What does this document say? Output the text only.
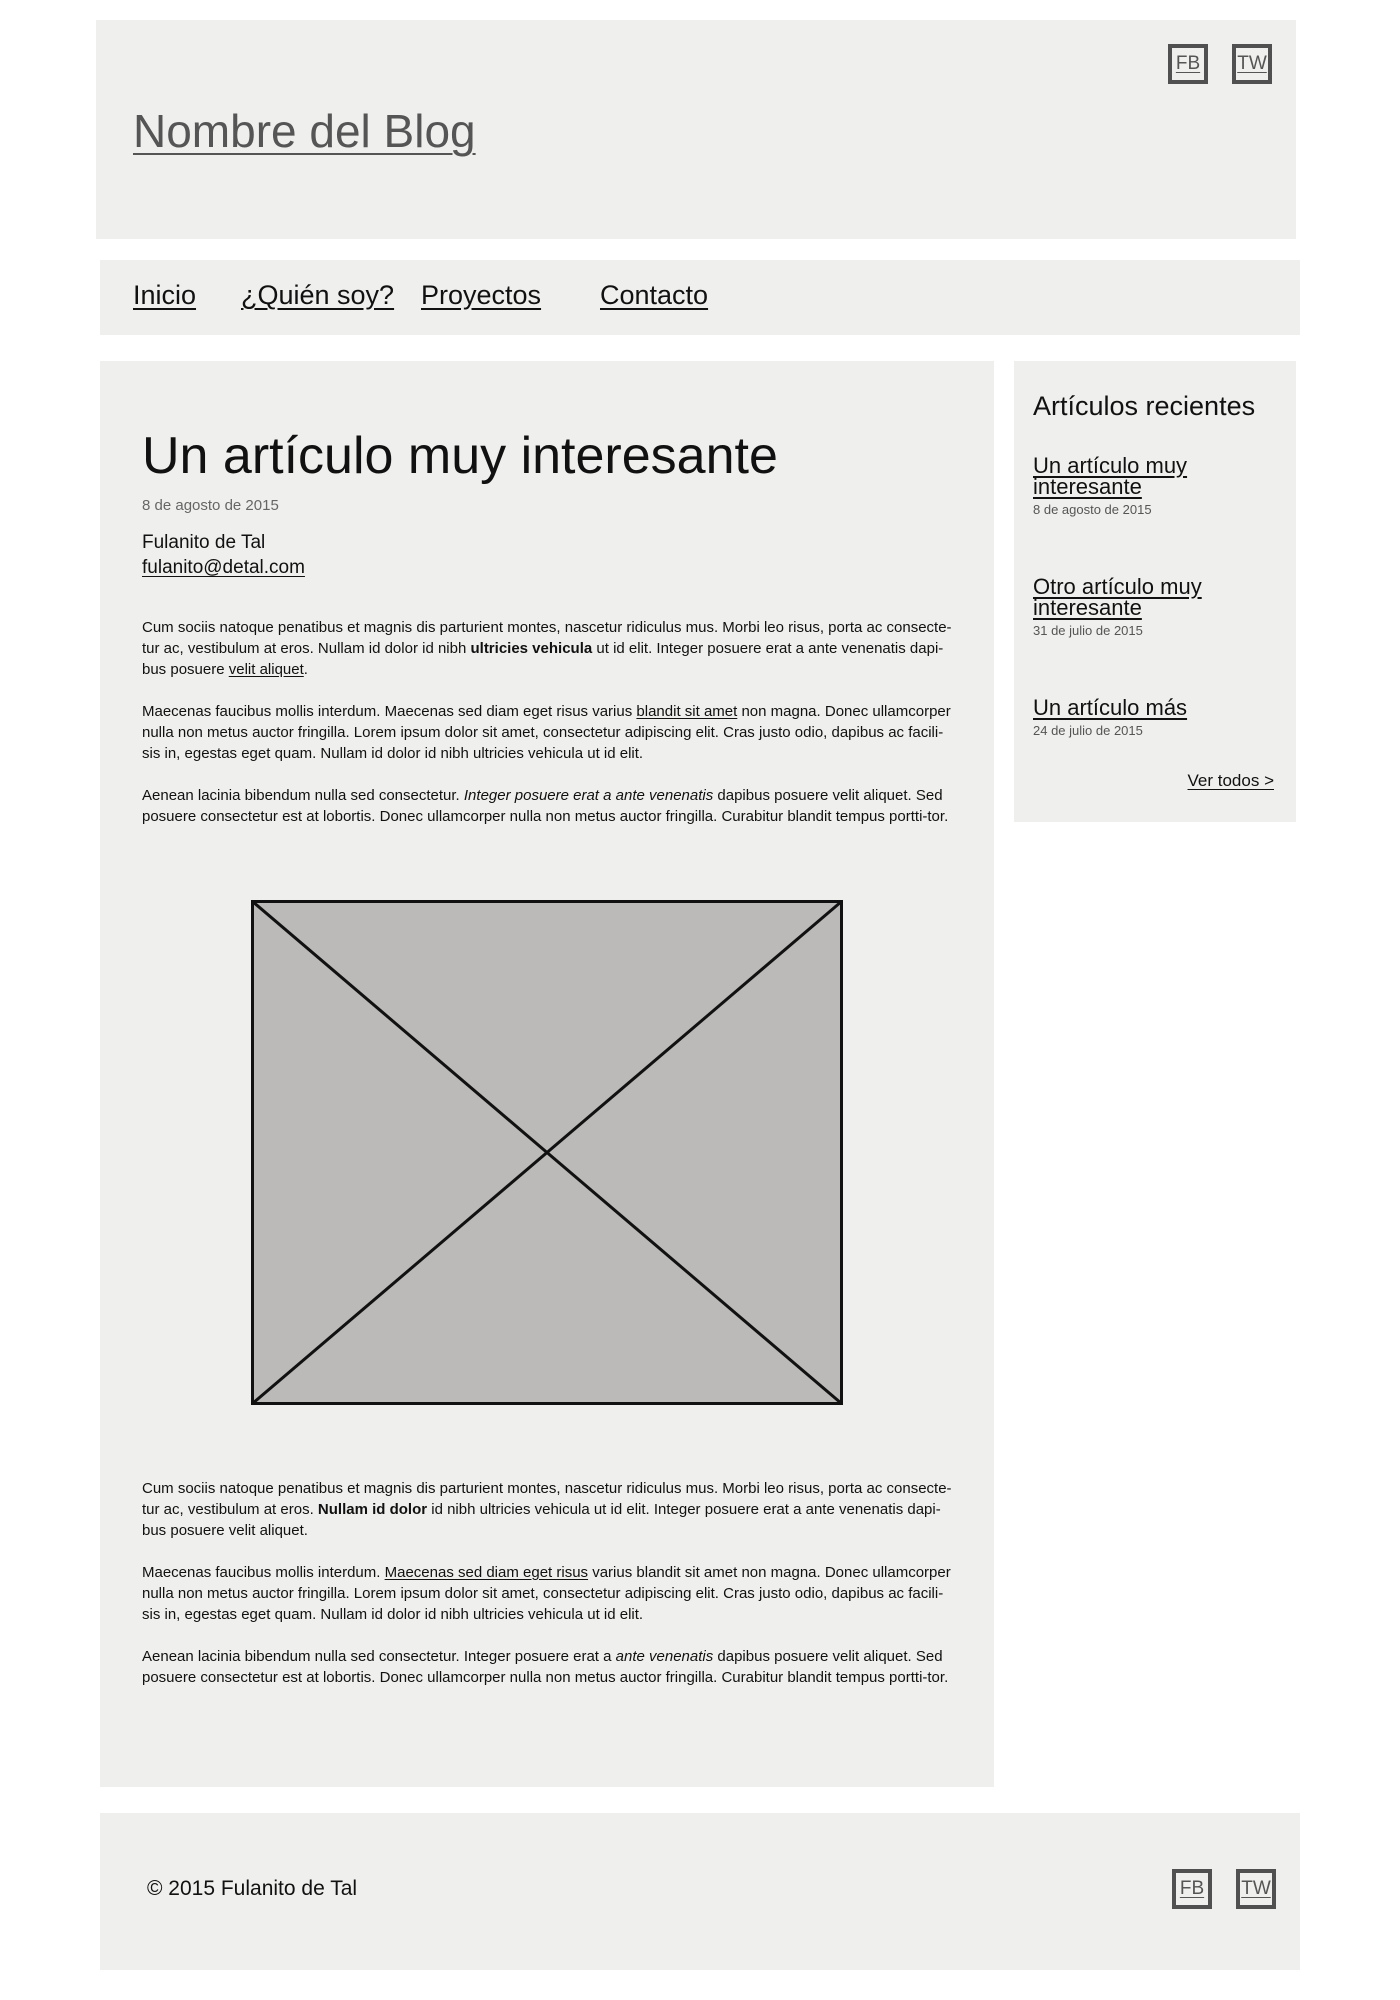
Nombre del Blog
FB	TW
Inicio ¿Quién soy? Proyectos Contacto
Un artículo muy interesante
8 de agosto de 2015
Fulanito de Tal
fulanito@detal.com

Cum sociis natoque penatibus et magnis dis parturient montes, nascetur ridiculus mus. Morbi leo risus, porta ac consecte-tur ac, vestibulum at eros. Nullam id dolor id nibh ultricies vehicula ut id elit. Integer posuere erat a ante venenatis dapi-bus posuere velit aliquet.

Maecenas faucibus mollis interdum. Maecenas sed diam eget risus varius blandit sit amet non magna. Donec ullamcorper nulla non metus auctor fringilla. Lorem ipsum dolor sit amet, consectetur adipiscing elit. Cras justo odio, dapibus ac facili-sis in, egestas eget quam. Nullam id dolor id nibh ultricies vehicula ut id elit.

Aenean lacinia bibendum nulla sed consectetur. Integer posuere erat a ante venenatis dapibus posuere velit aliquet. Sed posuere consectetur est at lobortis. Donec ullamcorper nulla non metus auctor fringilla. Curabitur blandit tempus portti-tor.

Cum sociis natoque penatibus et magnis dis parturient montes, nascetur ridiculus mus. Morbi leo risus, porta ac consecte-tur ac, vestibulum at eros. Nullam id dolor id nibh ultricies vehicula ut id elit. Integer posuere erat a ante venenatis dapi-bus posuere velit aliquet.

Maecenas faucibus mollis interdum. Maecenas sed diam eget risus varius blandit sit amet non magna. Donec ullamcorper nulla non metus auctor fringilla. Lorem ipsum dolor sit amet, consectetur adipiscing elit. Cras justo odio, dapibus ac facili-sis in, egestas eget quam. Nullam id dolor id nibh ultricies vehicula ut id elit.

Aenean lacinia bibendum nulla sed consectetur. Integer posuere erat a ante venenatis dapibus posuere velit aliquet. Sed posuere consectetur est at lobortis. Donec ullamcorper nulla non metus auctor fringilla. Curabitur blandit tempus portti-tor.

Artículos recientes
Un artículo muy interesante
8 de agosto de 2015
Otro artículo muy interesante
31 de julio de 2015
Un artículo más
24 de julio de 2015
Ver todos >
© 2015 Fulanito de Tal	FB	TW
